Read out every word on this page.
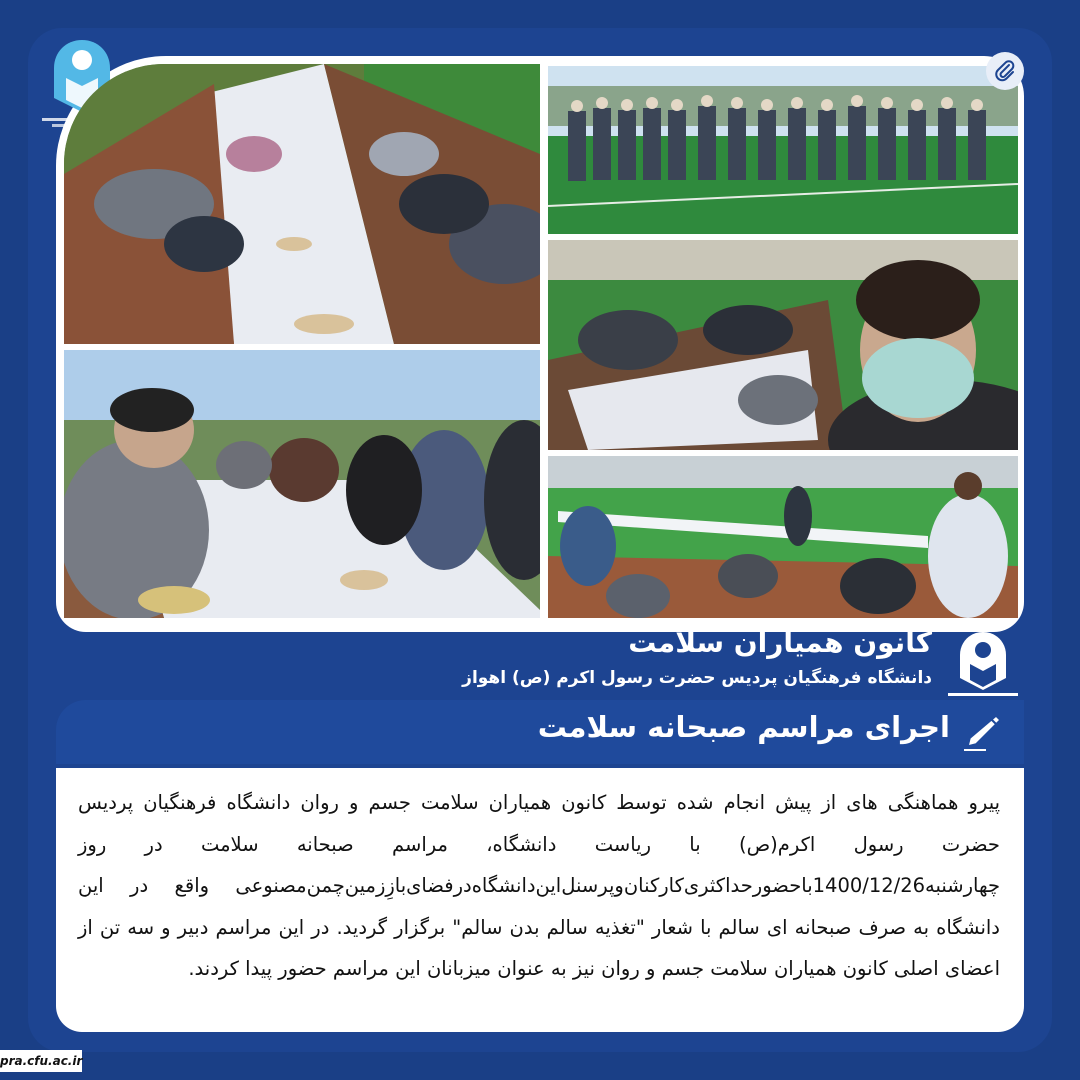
کانون همیاران سلامت
دانشگاه فرهنگیان پردیس حضرت رسول اکرم (ص) اهواز
اجرای مراسم صبحانه سلامت
پیرو هماهنگی های از پیش انجام شده توسط کانون همیاران سلامت جسم و روان دانشگاه فرهنگیان پردیس حضرت رسول اکرم(ص) با ریاست دانشگاه، مراسم صبحانه سلامت در روز چهارشنبه1400/12/26باحضورحداکثری‌کارکنان‌وپرسنل‌این‌دانشگاه‌درفضای‌بازِزمین‌چمن‌مصنوعی واقع در این دانشگاه به صرف صبحانه ای سالم با شعار "تغذیه سالم بدن سالم" برگزار گردید. در این مراسم دبیر و سه تن از اعضای اصلی کانون همیاران سلامت جسم و روان نیز به عنوان میزبانان این مراسم حضور پیدا کردند.
pra.cfu.ac.ir
